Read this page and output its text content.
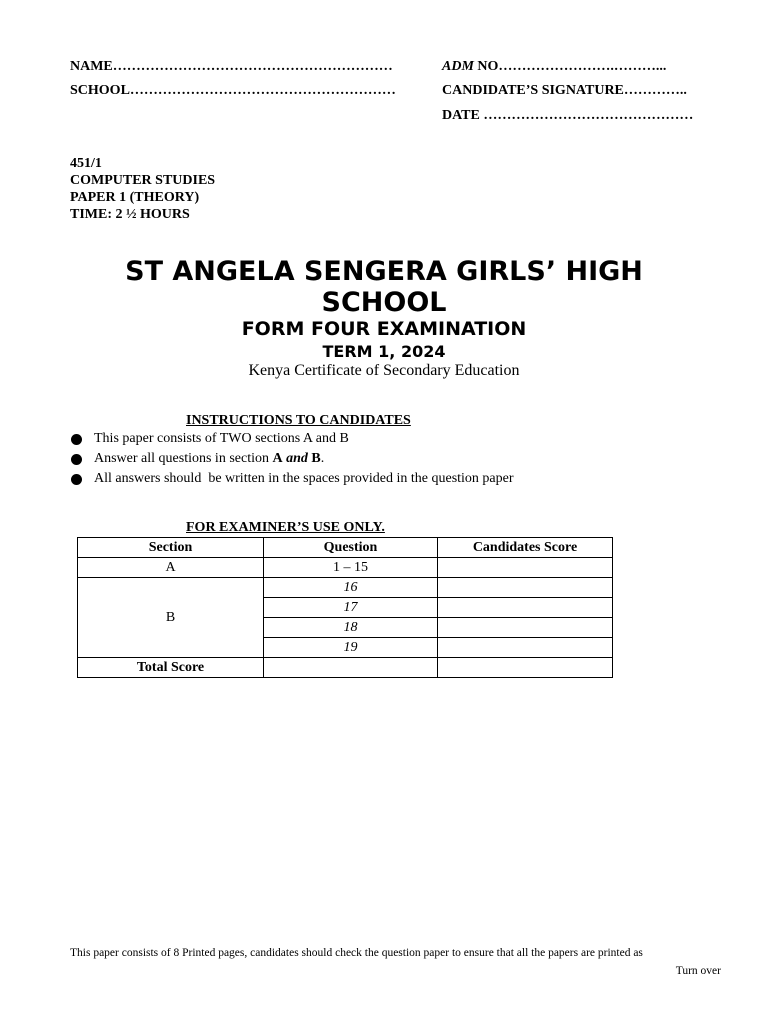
NAME……………………………………………………	ADM NO…………………….………...
SCHOOL…………………………………………………	CANDIDATE’S SIGNATURE…………..
DATE ………………………………………
451/1
COMPUTER STUDIES
PAPER 1 (THEORY)
TIME: 2 ½ HOURS
ST ANGELA SENGERA GIRLS’ HIGH
SCHOOL
FORM FOUR EXAMINATION
TERM 1, 2024
Kenya Certificate of Secondary Education
INSTRUCTIONS TO CANDIDATES
This paper consists of TWO sections A and B
Answer all questions in section A and B.
All answers should  be written in the spaces provided in the question paper
FOR EXAMINER’S USE ONLY.
Section	Question	Candidates Score
A	1 – 15	
B	16	
	17	
	18	
	19	
Total Score		
This paper consists of 8 Printed pages, candidates should check the question paper to ensure that all the papers are printed as
Turn over
